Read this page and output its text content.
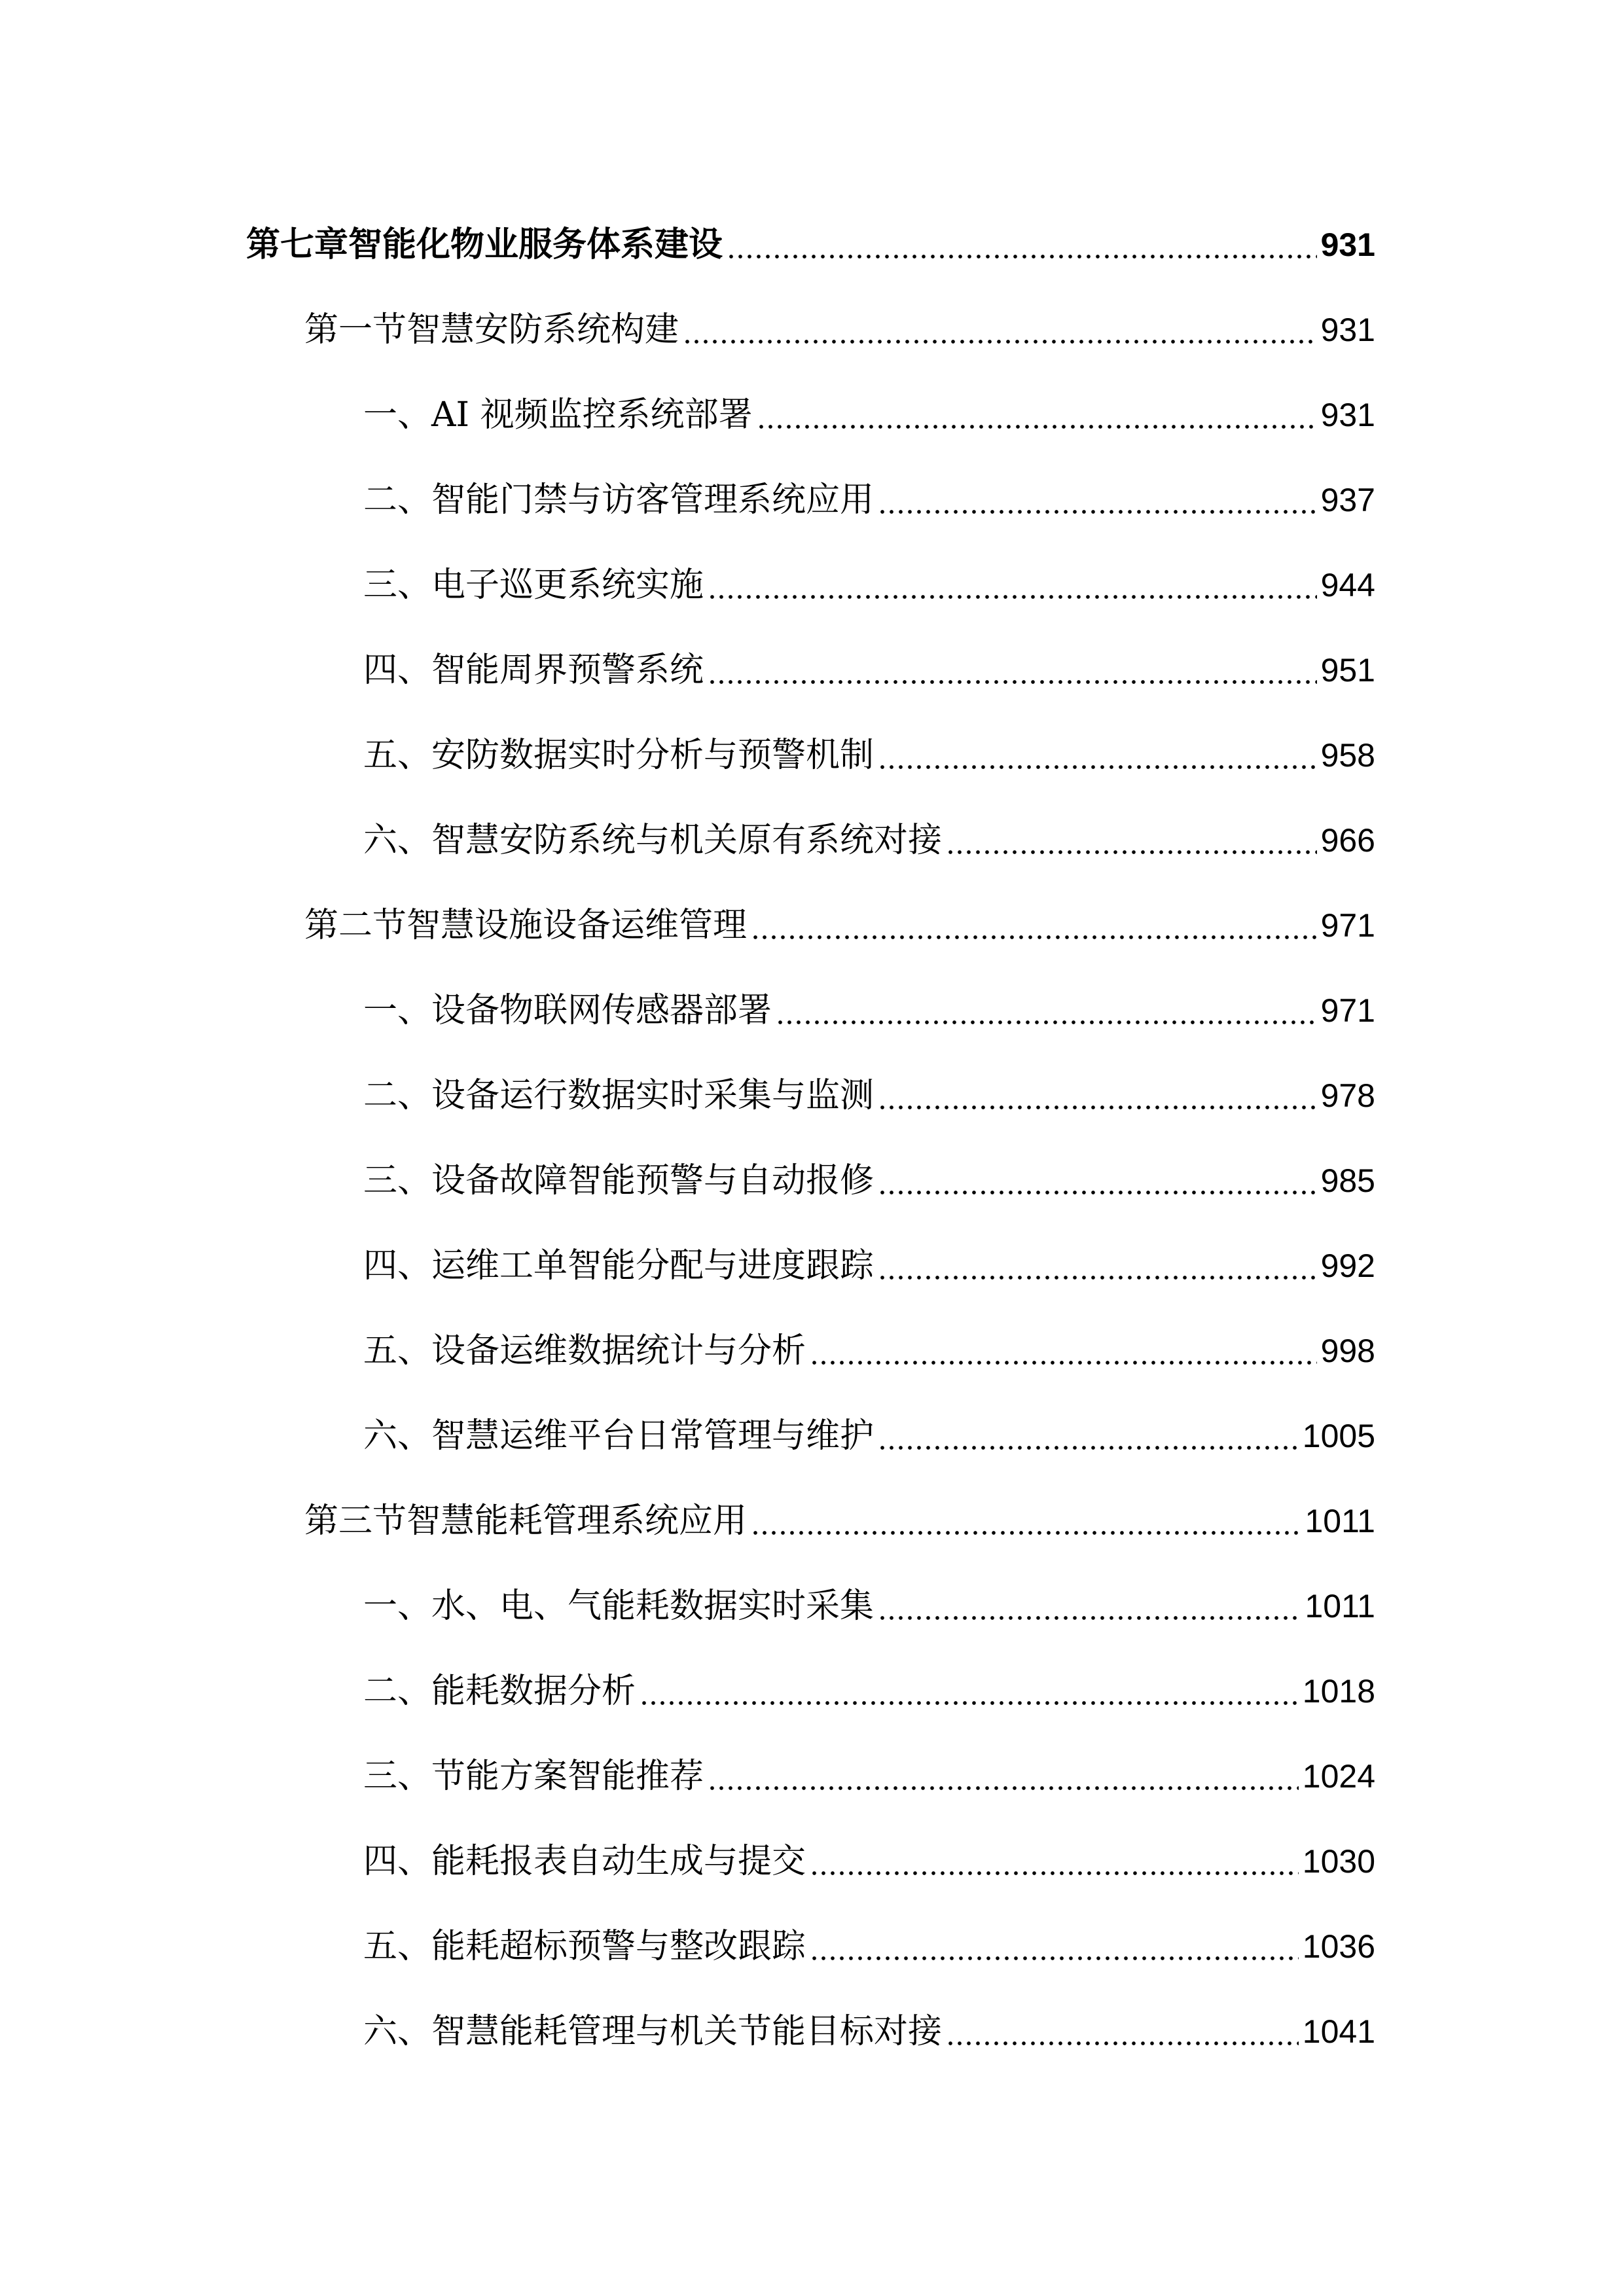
第七章智能化物业服务体系建设	931
第一节智慧安防系统构建	931
一、AI 视频监控系统部署	931
二、智能门禁与访客管理系统应用	937
三、电子巡更系统实施	944
四、智能周界预警系统	951
五、安防数据实时分析与预警机制	958
六、智慧安防系统与机关原有系统对接	966
第二节智慧设施设备运维管理	971
一、设备物联网传感器部署	971
二、设备运行数据实时采集与监测	978
三、设备故障智能预警与自动报修	985
四、运维工单智能分配与进度跟踪	992
五、设备运维数据统计与分析	998
六、智慧运维平台日常管理与维护	1005
第三节智慧能耗管理系统应用	1011
一、水、电、气能耗数据实时采集	1011
二、能耗数据分析	1018
三、节能方案智能推荐	1024
四、能耗报表自动生成与提交	1030
五、能耗超标预警与整改跟踪	1036
六、智慧能耗管理与机关节能目标对接	1041
